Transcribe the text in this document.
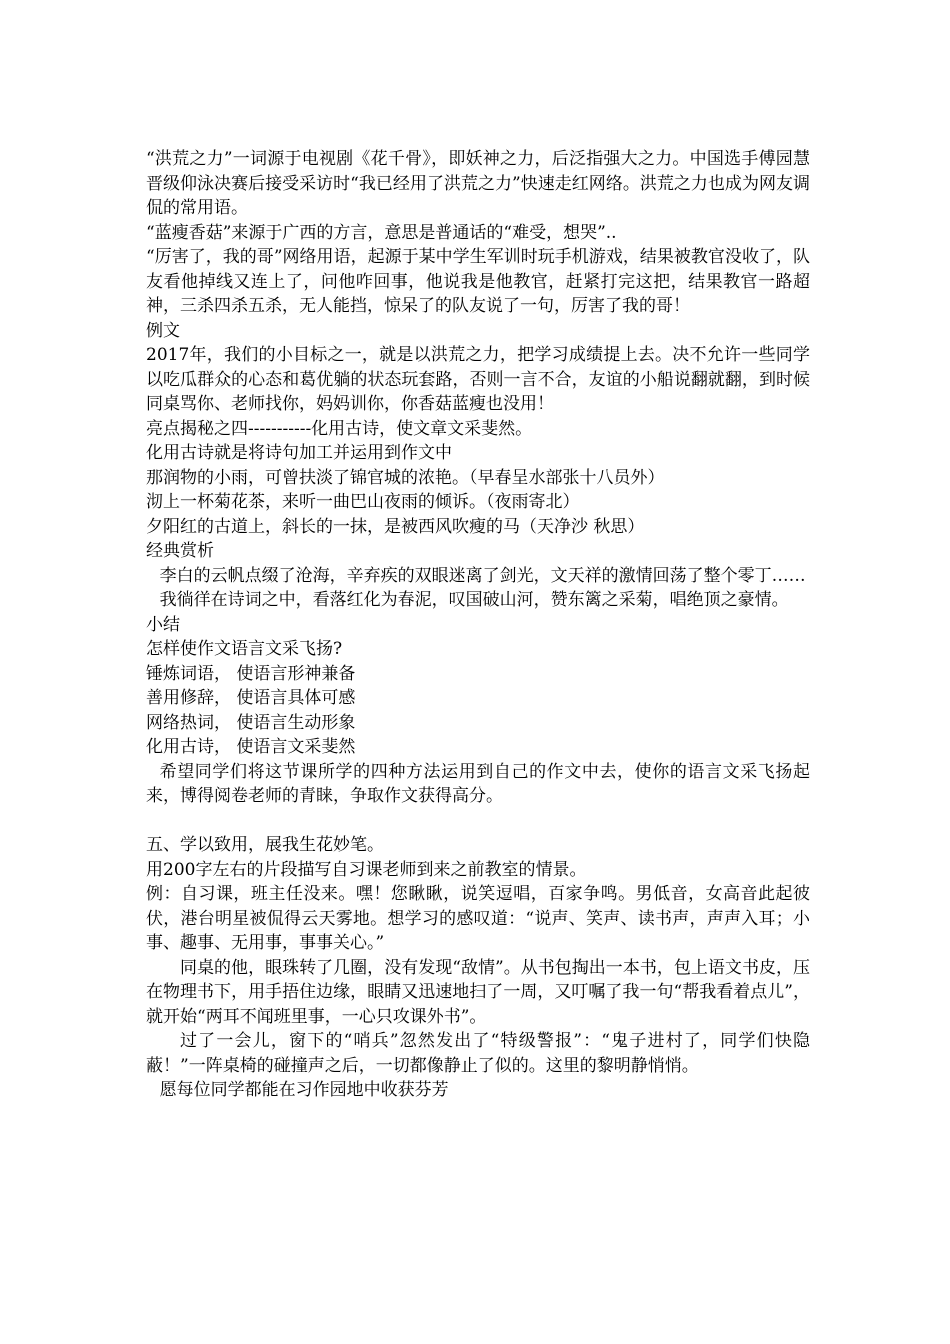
“洪荒之力”一词源于电视剧《花千骨》，即妖神之力，后泛指强大之力。中国选手傅园慧晋级仰泳决赛后接受采访时“我已经用了洪荒之力”快速走红网络。洪荒之力也成为网友调侃的常用语。

“蓝瘦香菇”来源于广西的方言，意思是普通话的“难受，想哭”..

“厉害了，我的哥”网络用语，起源于某中学生军训时玩手机游戏，结果被教官没收了，队友看他掉线又连上了，问他咋回事，他说我是他教官，赶紧打完这把，结果教官一路超神，三杀四杀五杀，无人能挡，惊呆了的队友说了一句，厉害了我的哥！

例文

2017年，我们的小目标之一，就是以洪荒之力，把学习成绩提上去。决不允许一些同学以吃瓜群众的心态和葛优躺的状态玩套路，否则一言不合，友谊的小船说翻就翻，到时候同桌骂你、老师找你，妈妈训你，你香菇蓝瘦也没用！

亮点揭秘之四-----------化用古诗，使文章文采斐然。

化用古诗就是将诗句加工并运用到作文中

那润物的小雨，可曾扶淡了锦官城的浓艳。（早春呈水部张十八员外）

沏上一杯菊花茶，来听一曲巴山夜雨的倾诉。（夜雨寄北）

夕阳红的古道上，斜长的一抹，是被西风吹瘦的马（天净沙 秋思）

经典赏析

李白的云帆点缀了沧海，辛弃疾的双眼迷离了剑光，文天祥的激情回荡了整个零丁……

我徜徉在诗词之中，看落红化为春泥，叹国破山河，赞东篱之采菊，唱绝顶之豪情。

小结

怎样使作文语言文采飞扬?

锤炼词语， 使语言形神兼备

善用修辞， 使语言具体可感

网络热词， 使语言生动形象

化用古诗， 使语言文采斐然

希望同学们将这节课所学的四种方法运用到自己的作文中去，使你的语言文采飞扬起来，博得阅卷老师的青睐，争取作文获得高分。

五、学以致用，展我生花妙笔。

用200字左右的片段描写自习课老师到来之前教室的情景。

例：自习课，班主任没来。嘿！您瞅瞅，说笑逗唱，百家争鸣。男低音，女高音此起彼伏，港台明星被侃得云天雾地。想学习的感叹道：“说声、笑声、读书声，声声入耳；小事、趣事、无用事，事事关心。”

同桌的他，眼珠转了几圈，没有发现“敌情”。从书包掏出一本书，包上语文书皮，压在物理书下，用手捂住边缘，眼睛又迅速地扫了一周，又叮嘱了我一句“帮我看着点儿”，就开始“两耳不闻班里事，一心只攻课外书”。

过了一会儿，窗下的“哨兵”忽然发出了“特级警报”：“鬼子进村了，同学们快隐蔽！”一阵桌椅的碰撞声之后，一切都像静止了似的。这里的黎明静悄悄。

愿每位同学都能在习作园地中收获芬芳
